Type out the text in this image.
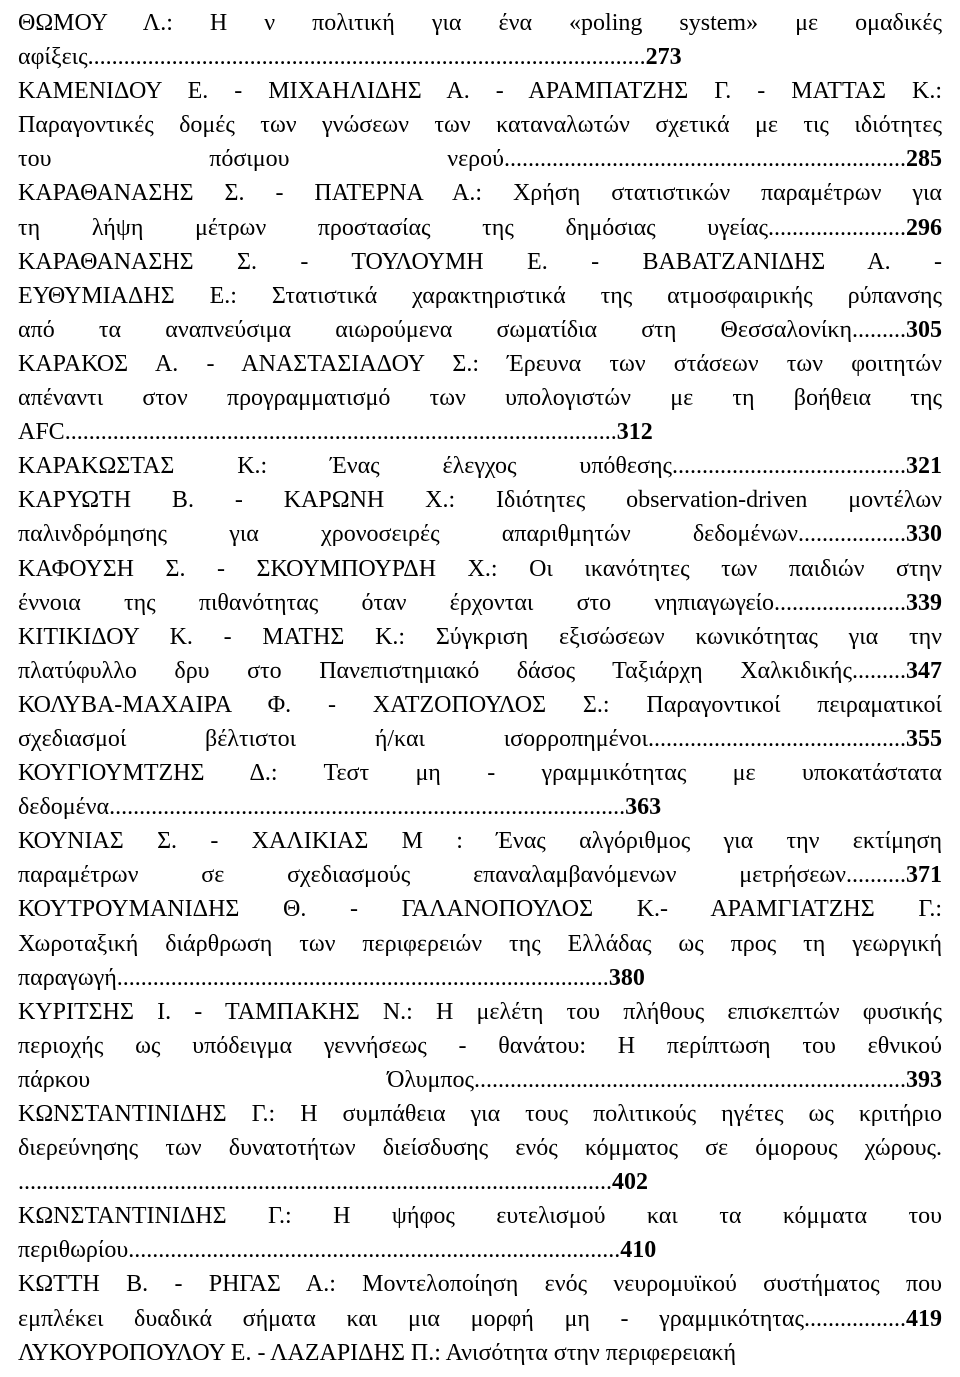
ΘΩΜΟΥ Λ.: Η ν πολιτική για ένα «poling system» με ομαδικές
αφίξεις.............................................................................................273
ΚΑΜΕΝΙΔΟΥ Ε. - ΜΙΧΑΗΛΙΔΗΣ Α. - ΑΡΑΜΠΑΤΖΗΣ Γ. - ΜΑΤΤΑΣ Κ.:
Παραγοντικές δομές των γνώσεων των καταναλωτών σχετικά με τις ιδιότητες
του πόσιμου νερού...................................................................285
ΚΑΡΑΘΑΝΑΣΗΣ Σ. - ΠΑΤΕΡΝΑ Α.: Χρήση στατιστικών παραμέτρων για
τη λήψη μέτρων προστασίας της δημόσιας υγείας.......................296
ΚΑΡΑΘΑΝΑΣΗΣ Σ. - ΤΟΥΛΟΥΜΗ Ε. - ΒΑΒΑΤΖΑΝΙΔΗΣ Α. -
ΕΥΘΥΜΙΑΔΗΣ Ε.: Στατιστικά χαρακτηριστικά της ατμοσφαιρικής ρύπανσης
από τα αναπνεύσιμα αιωρούμενα σωματίδια στη Θεσσαλονίκη.........305
ΚΑΡΑΚΟΣ Α. - ΑΝΑΣΤΑΣΙΑΔΟΥ Σ.: Έρευνα των στάσεων των φοιτητών
απέναντι στον προγραμματισμό των υπολογιστών με τη βοήθεια της
AFC............................................................................................312
ΚΑΡΑΚΩΣΤΑΣ Κ.: Ένας έλεγχος υπόθεσης.......................................321
ΚΑΡΥΩΤΗ Β. - ΚΑΡΩΝΗ Χ.: Ιδιότητες observation-driven μοντέλων
παλινδρόμησης για χρονοσειρές απαριθμητών δεδομένων..................330
ΚΑΦΟΥΣΗ Σ. - ΣΚΟΥΜΠΟΥΡΔΗ Χ.: Οι ικανότητες των παιδιών στην
έννοια της πιθανότητας όταν έρχονται στο νηπιαγωγείο......................339
ΚΙΤΙΚΙΔΟΥ Κ. - ΜΑΤΗΣ Κ.: Σύγκριση εξισώσεων κωνικότητας για την
πλατύφυλλο δρυ στο Πανεπιστημιακό δάσος Ταξιάρχη Χαλκιδικής.........347
ΚΟΛΥΒΑ-ΜΑΧΑΙΡΑ Φ. - ΧΑΤΖΟΠΟΥΛΟΣ Σ.: Παραγοντικοί πειραματικοί
σχεδιασμοί βέλτιστοι ή/και ισορροπημένοι...........................................355
ΚΟΥΓΙΟΥΜΤΖΗΣ Δ.: Τεστ μη - γραμμικότητας με υποκατάστατα
δεδομένα......................................................................................363
ΚΟΥΝΙΑΣ Σ. - ΧΑΛΙΚΙΑΣ Μ : Ένας αλγόριθμος για την εκτίμηση
παραμέτρων σε σχεδιασμούς επαναλαμβανόμενων μετρήσεων..........371
ΚΟΥΤΡΟΥΜΑΝΙΔΗΣ Θ. - ΓΑΛΑΝΟΠΟΥΛΟΣ Κ.- ΑΡΑΜΓΙΑΤΖΗΣ Γ.:
Χωροταξική διάρθρωση των περιφερειών της Ελλάδας ως προς τη γεωργική
παραγωγή..................................................................................380
ΚΥΡΙΤΣΗΣ Ι. - ΤΑΜΠΑΚΗΣ Ν.: Η μελέτη του πλήθους επισκεπτών φυσικής
περιοχής ως υπόδειγμα γεννήσεως - θανάτου: Η περίπτωση του εθνικού
πάρκου Όλυμπος........................................................................393
ΚΩΝΣΤΑΝΤΙΝΙΔΗΣ Γ.: Η συμπάθεια για τους πολιτικούς ηγέτες ως κριτήριο
διερεύνησης των δυνατοτήτων διείσδυσης ενός κόμματος σε όμορους χώρους.
...................................................................................................402
ΚΩΝΣΤΑΝΤΙΝΙΔΗΣ Γ.: Η ψήφος ευτελισμού και τα κόμματα του
περιθωρίου..................................................................................410
ΚΩΤΤΗ Β. - ΡΗΓΑΣ Α.: Μοντελοποίηση ενός νευρομυϊκού συστήματος που
εμπλέκει δυαδικά σήματα και μια μορφή μη - γραμμικότητας.................419
ΛΥΚΟΥΡΟΠΟΥΛΟΥ Ε. - ΛΑΖΑΡΙΔΗΣ Π.: Ανισότητα στην περιφερειακή
